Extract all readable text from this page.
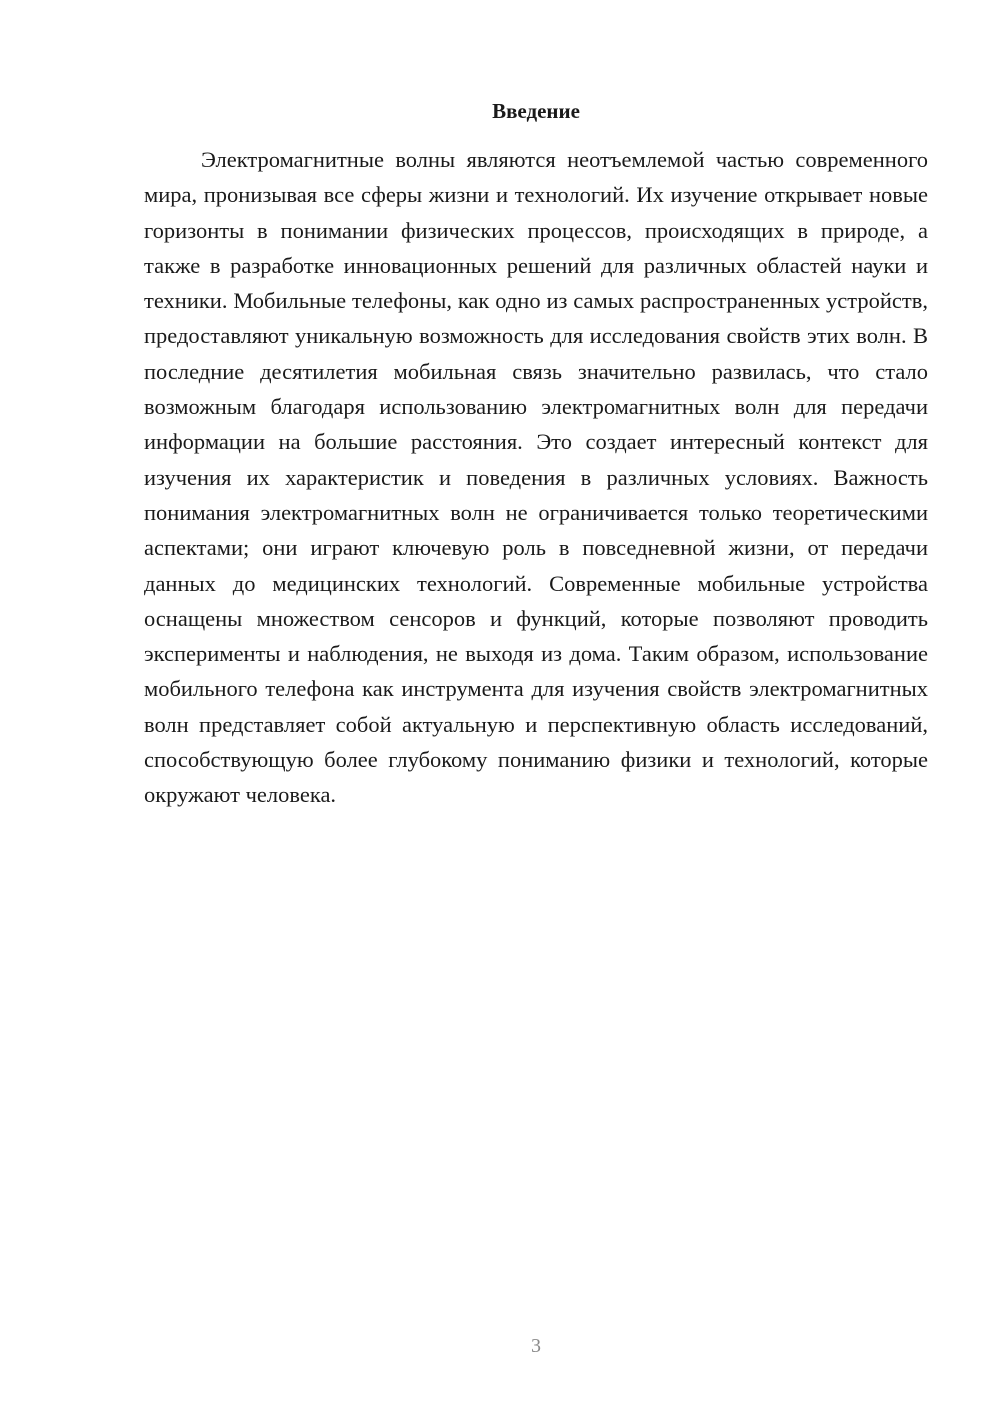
Введение

Электромагнитные волны являются неотъемлемой частью современного мира, пронизывая все сферы жизни и технологий. Их изучение открывает новые горизонты в понимании физических процессов, происходящих в природе, а также в разработке инновационных решений для различных областей науки и техники. Мобильные телефоны, как одно из самых распространенных устройств, предоставляют уникальную возможность для исследования свойств этих волн. В последние десятилетия мобильная связь значительно развилась, что стало возможным благодаря использованию электромагнитных волн для передачи информации на большие расстояния. Это создает интересный контекст для изучения их характеристик и поведения в различных условиях. Важность понимания электромагнитных волн не ограничивается только теоретическими аспектами; они играют ключевую роль в повседневной жизни, от передачи данных до медицинских технологий. Современные мобильные устройства оснащены множеством сенсоров и функций, которые позволяют проводить эксперименты и наблюдения, не выходя из дома. Таким образом, использование мобильного телефона как инструмента для изучения свойств электромагнитных волн представляет собой актуальную и перспективную область исследований, способствующую более глубокому пониманию физики и технологий, которые окружают человека.

3
